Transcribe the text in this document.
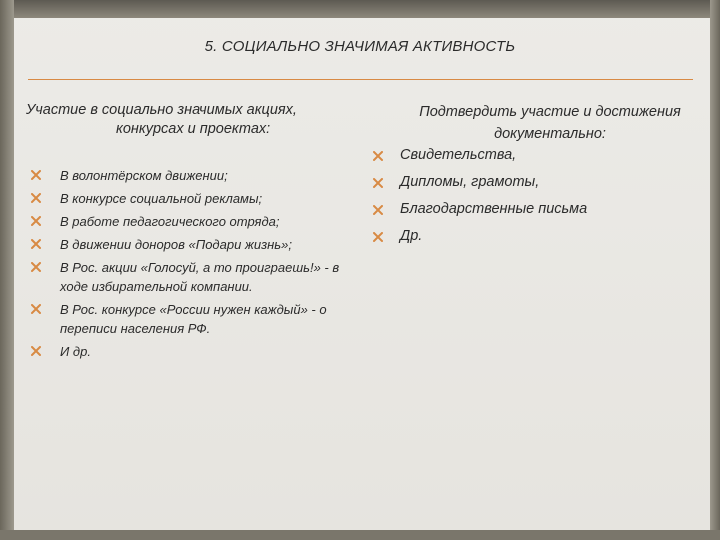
5. СОЦИАЛЬНО ЗНАЧИМАЯ АКТИВНОСТЬ
Участие в социально значимых акциях,
конкурсах и проектах:
Подтвердить участие и достижения документально:
В волонтёрском движении;
В конкурсе социальной рекламы;
В работе педагогического отряда;
В движении доноров «Подари жизнь»;
В Рос. акции «Голосуй, а то проиграешь!» - в ходе избирательной компании.
В Рос. конкурсе «России нужен каждый» - о переписи населения РФ.
И др.
Свидетельства,
Дипломы, грамоты,
Благодарственные письма
Др.
